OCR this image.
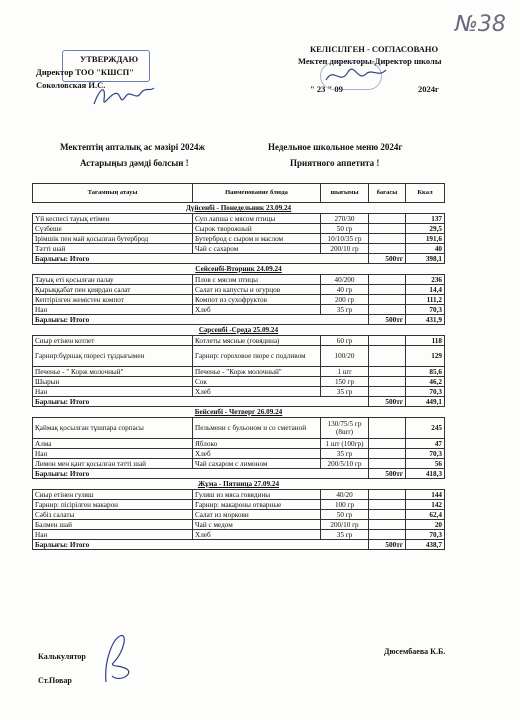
№38
УТВЕРЖДАЮ
Директор ТОО "КШСП"
Соколовская И.С.
КЕЛІСІЛГЕН - СОГЛАСОВАНО
Мектеп директоры-Директор школы
" 23 " 09	2024г
Мектептің апталық ас мәзірі 2024ж
Астарыңыз дәмді болсын !
Недельное школьное меню 2024г
Приятного аппетита !
Тағамның атауы	Наименование блюда	шығымы	бағасы	Ккал
Дүйсенбі - Понедельник 23.09.24				
Үй кеспесі тауық етімен	Суп лапша с мясом птицы	270/30		137
Сүзбеше	Сырок творожный	50 гр		29,5
Ірімшік пен май қосылған бутерброд	Бутерброд с сыром и маслом	10/10/35 гр		191,6
Тәтті шай	Чай с сахаром	200/10 гр		40
Барлығы: Итого			500тг	398,1
Сейсенбі-Вторник 24.09.24				
Тауық еті қосылған палау	Плов с мясом птицы	40/200		236
Қырыққабат пен қиярдан салат	Салат из капусты и огурцов	40 гр		14,4
Кептірілген жемістен компот	Компот из сухофруктов	200 гр		111,2
Нан	Хлеб	35 гр		70,3
Барлығы: Итого			500тг	431,9
Сәрсенбі -Среда 25.09.24				
Сиыр етінен котлет	Котлеты мясные (говядина)	60 гр		118
Гарнир:бұршақ пюресі тұздығымен	Гарнир: гороховое пюре с подливом	100/20		129
Печенье - " Корж молочный"	Печенье - "Корж молочный"	1 шт		85,6
Шырын	Сок	150 гр		46,2
Нан	Хлеб	35 гр		70,3
Барлығы: Итого			500тг	449,1
Бейсенбі - Четверг 26.09.24				
Қаймақ қосылған тұшпара сорпасы	Пельмени с бульоном и со сметаной	130/75/5 гр (8шт)		245
Алма	Яблоко	1 шт (100гр)		47
Нан	Хлеб	35 гр		70,3
Лимон мен қант қосылған тәтті шай	Чай сахаром с лимоном	200/5/10 гр		56
Барлығы: Итого			500тг	418,3
Жұма - Пятница 27.09.24				
Сиыр етінен гуляш	Гуляш из мяса говядины	40/20		144
Гарнир: пісірілген макарон	Гарнир: макароны отварные	100 гр		142
Сәбіз салаты	Салат из моркови	50 гр		62,4
Балмен шай	Чай с медом	200/10 гр		20
Нан	Хлеб	35 гр		70,3
Барлығы: Итого			500тг	438,7
Калькулятор
Ст.Повар
Дюсембаева К.Б.
